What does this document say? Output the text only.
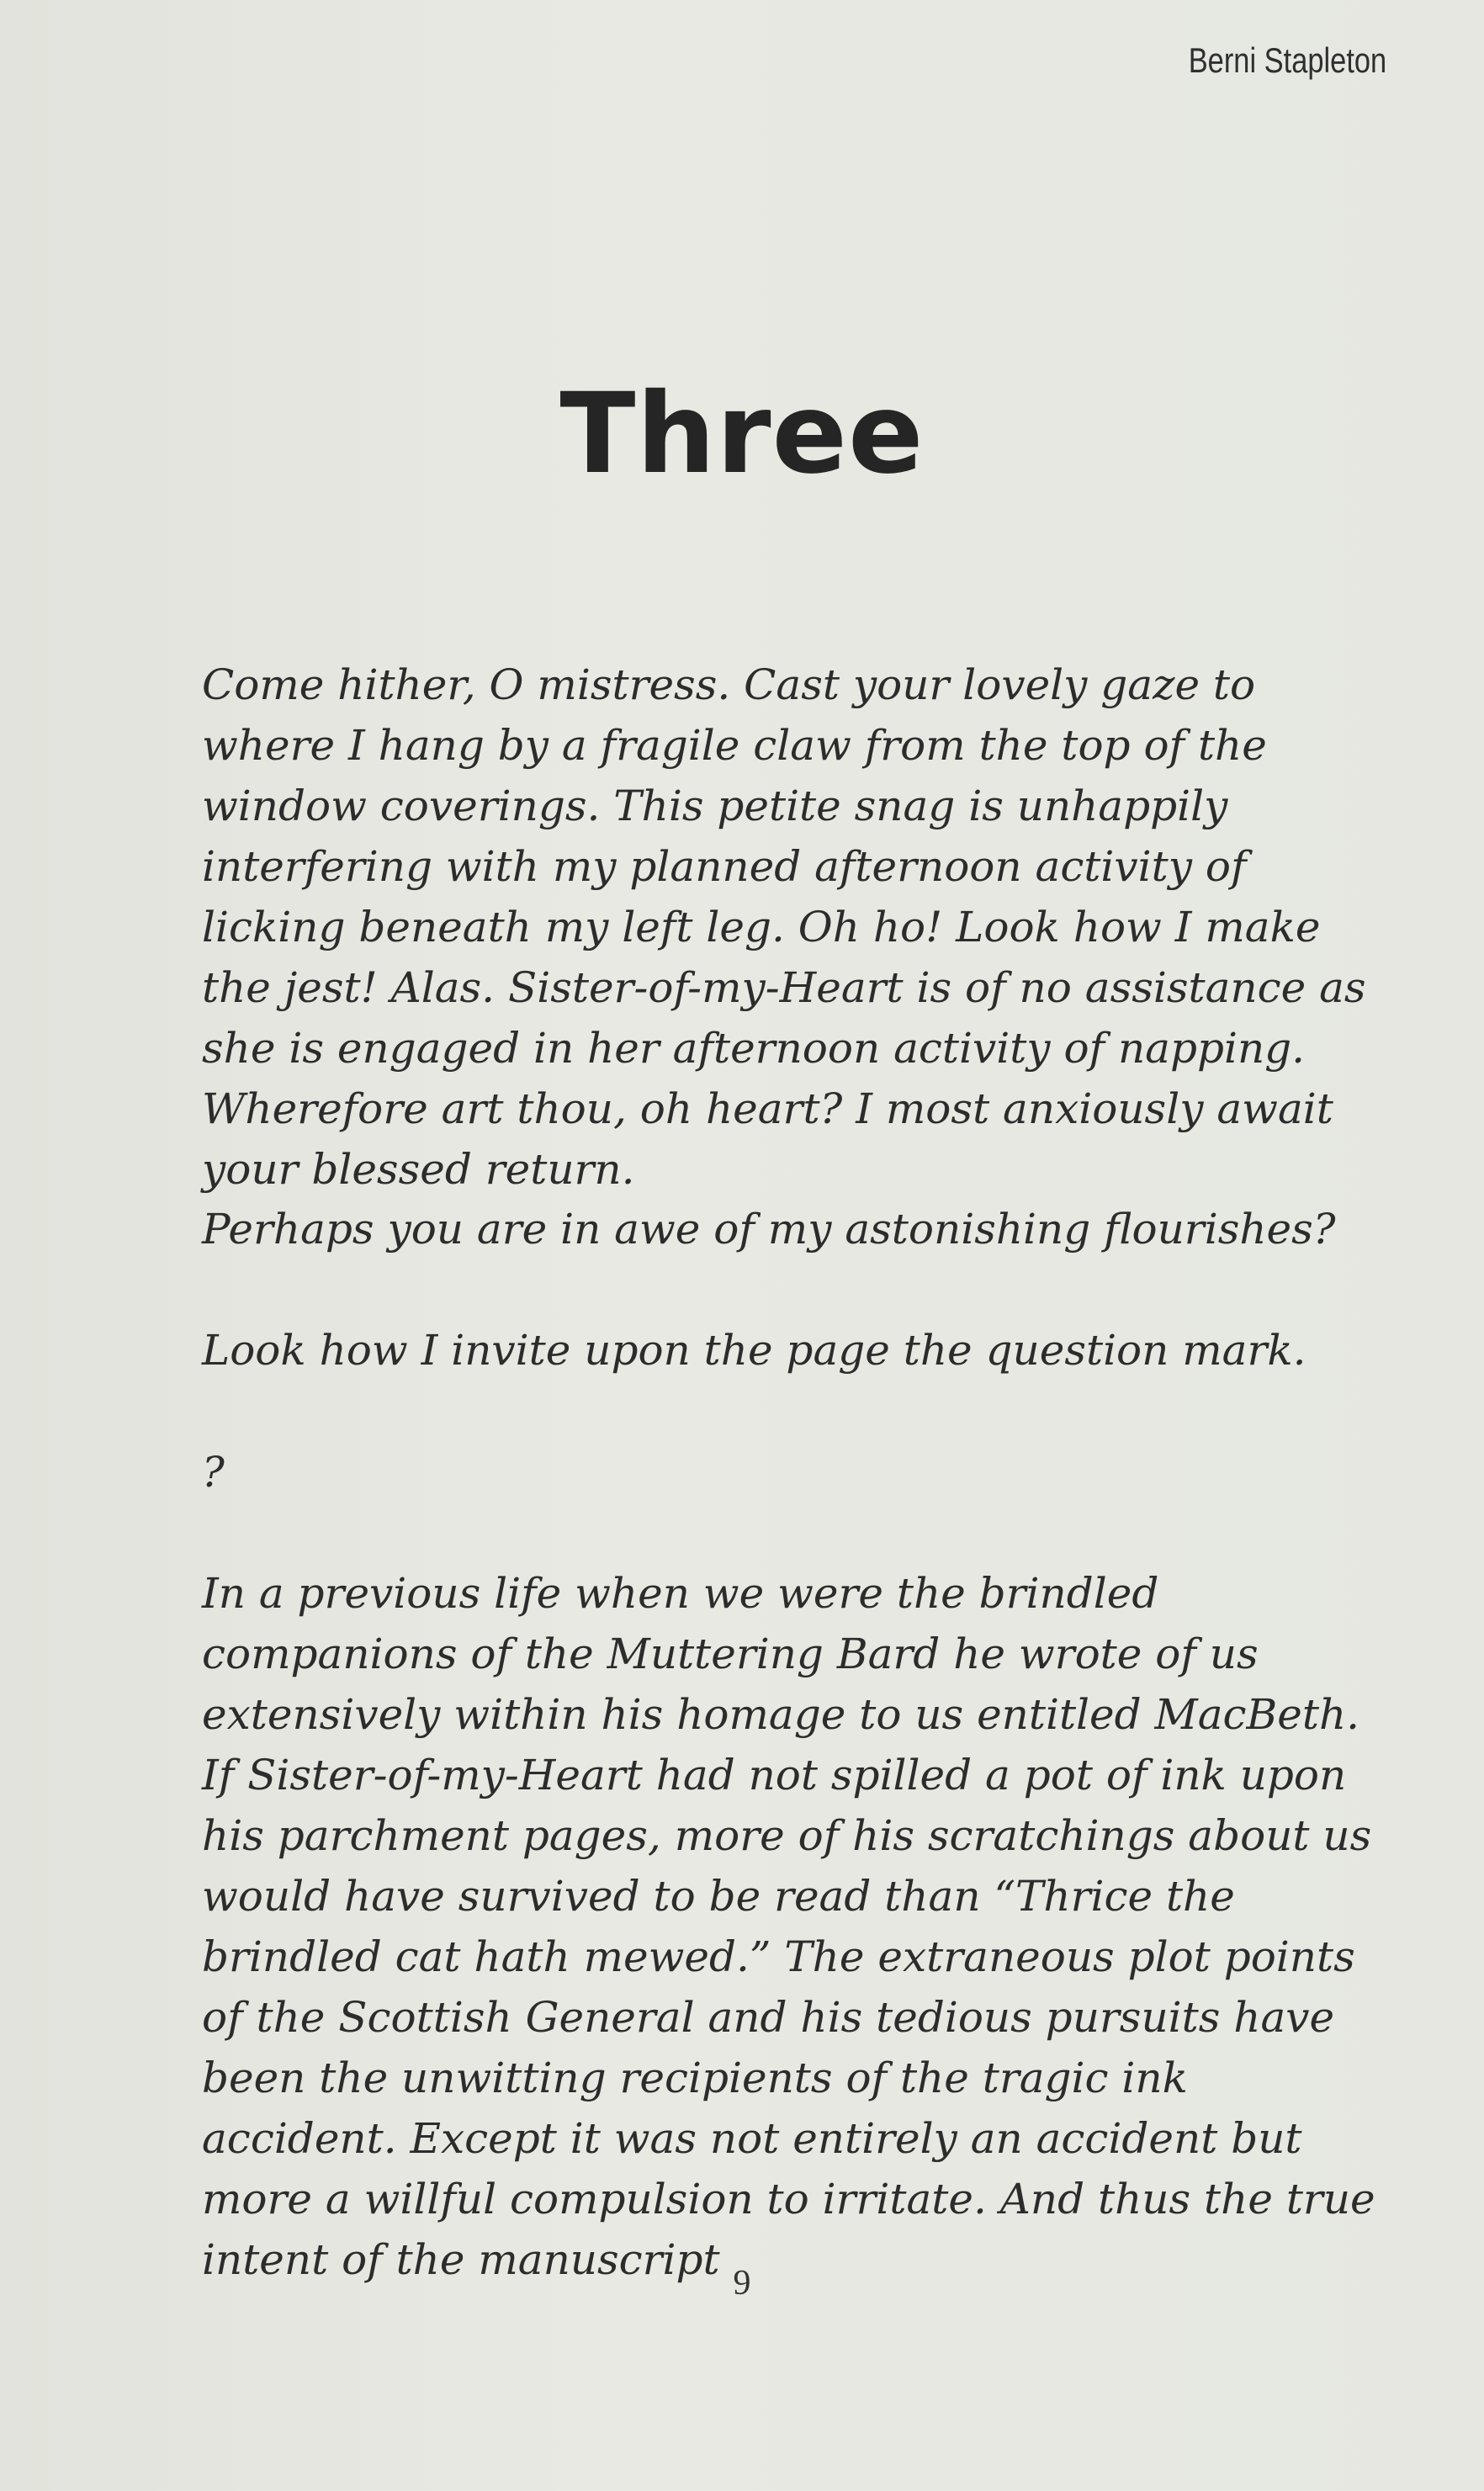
Berni Stapleton
Three

Come hither, O mistress. Cast your lovely gaze to where I hang by a fragile claw from the top of the window coverings. This petite snag is unhappily interfering with my planned afternoon activity of licking beneath my left leg. Oh ho! Look how I make the jest! Alas. Sister-of-my-Heart is of no assistance as she is engaged in her afternoon activity of napping. Wherefore art thou, oh heart? I most anxiously await your blessed return.

Perhaps you are in awe of my astonishing flourishes?

Look how I invite upon the page the question mark.

?

In a previous life when we were the brindled companions of the Muttering Bard he wrote of us extensively within his homage to us entitled MacBeth. If Sister-of-my-Heart had not spilled a pot of ink upon his parchment pages, more of his scratchings about us would have survived to be read than “Thrice the brindled cat hath mewed.” The extraneous plot points of the Scottish General and his tedious pursuits have been the unwitting recipients of the tragic ink accident. Except it was not entirely an accident but more a willful compulsion to irritate. And thus the true intent of the manuscript 9
